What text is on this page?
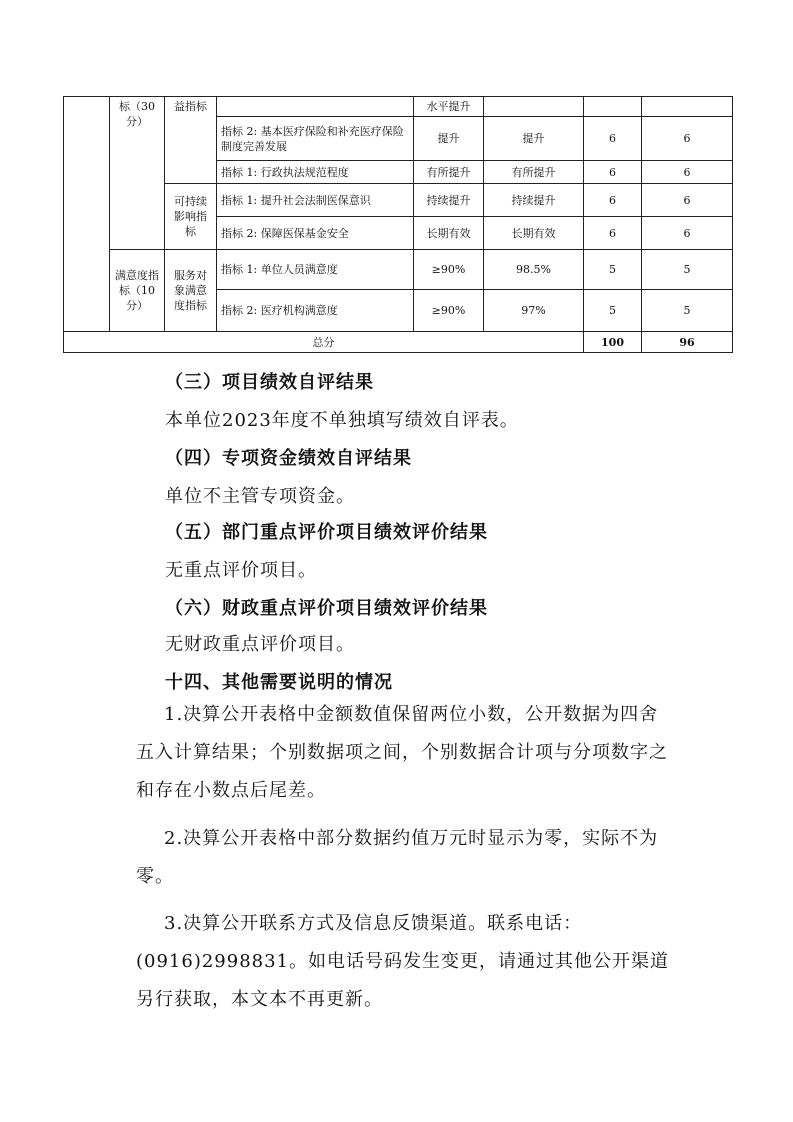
	标（30分）	益指标		水平提升			
			指标 2: 基本医疗保险和补充医疗保险制度完善发展	提升	提升	6	6
			指标 1: 行政执法规范程度	有所提升	有所提升	6	6
		可持续影响指标	指标 1: 提升社会法制医保意识	持续提升	持续提升	6	6
			指标 2: 保障医保基金安全	长期有效	长期有效	6	6
	满意度指标（10分）	服务对象满意度指标	指标 1: 单位人员满意度	≥90%	98.5%	5	5
			指标 2: 医疗机构满意度	≥90%	97%	5	5
总分						100	96
（三）项目绩效自评结果
本单位2023年度不单独填写绩效自评表。
（四）专项资金绩效自评结果
单位不主管专项资金。
（五）部门重点评价项目绩效评价结果
无重点评价项目。
（六）财政重点评价项目绩效评价结果
无财政重点评价项目。
十四、其他需要说明的情况
1.决算公开表格中金额数值保留两位小数，公开数据为四舍五入计算结果；个别数据项之间，个别数据合计项与分项数字之和存在小数点后尾差。
2.决算公开表格中部分数据约值万元时显示为零，实际不为零。
3.决算公开联系方式及信息反馈渠道。联系电话：(0916)2998831。如电话号码发生变更，请通过其他公开渠道另行获取，本文本不再更新。
